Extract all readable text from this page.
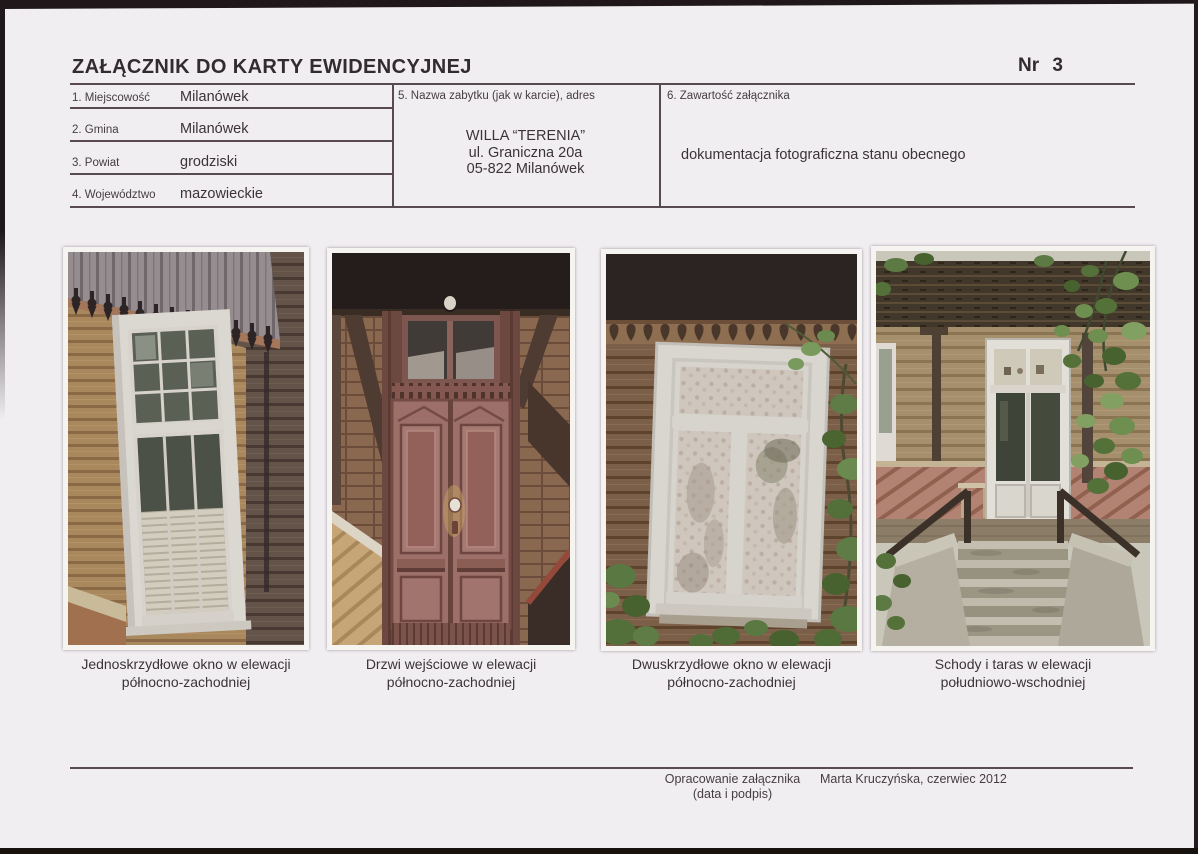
ZAŁĄCZNIK DO KARTY EWIDENCYJNEJ	Nr 3
1. Miejscowość Milanówek
2. Gmina	Milanówek
3. Powiat	grodziski
4. Województwo mazowieckie
5. Nazwa zabytku (jak w karcie), adres
WILLA “TERENIA”
ul. Graniczna 20a
05-822 Milanówek
6. Zawartość załącznika
dokumentacja fotograficzna stanu obecnego
Jednoskrzydłowe okno w elewacji
północno-zachodniej
Drzwi wejściowe w elewacji
północno-zachodniej
Dwuskrzydłowe okno w elewacji
północno-zachodniej
Schody i taras w elewacji
południowo-wschodniej
Opracowanie załącznika
(data i podpis)
Marta Kruczyńska, czerwiec 2012
